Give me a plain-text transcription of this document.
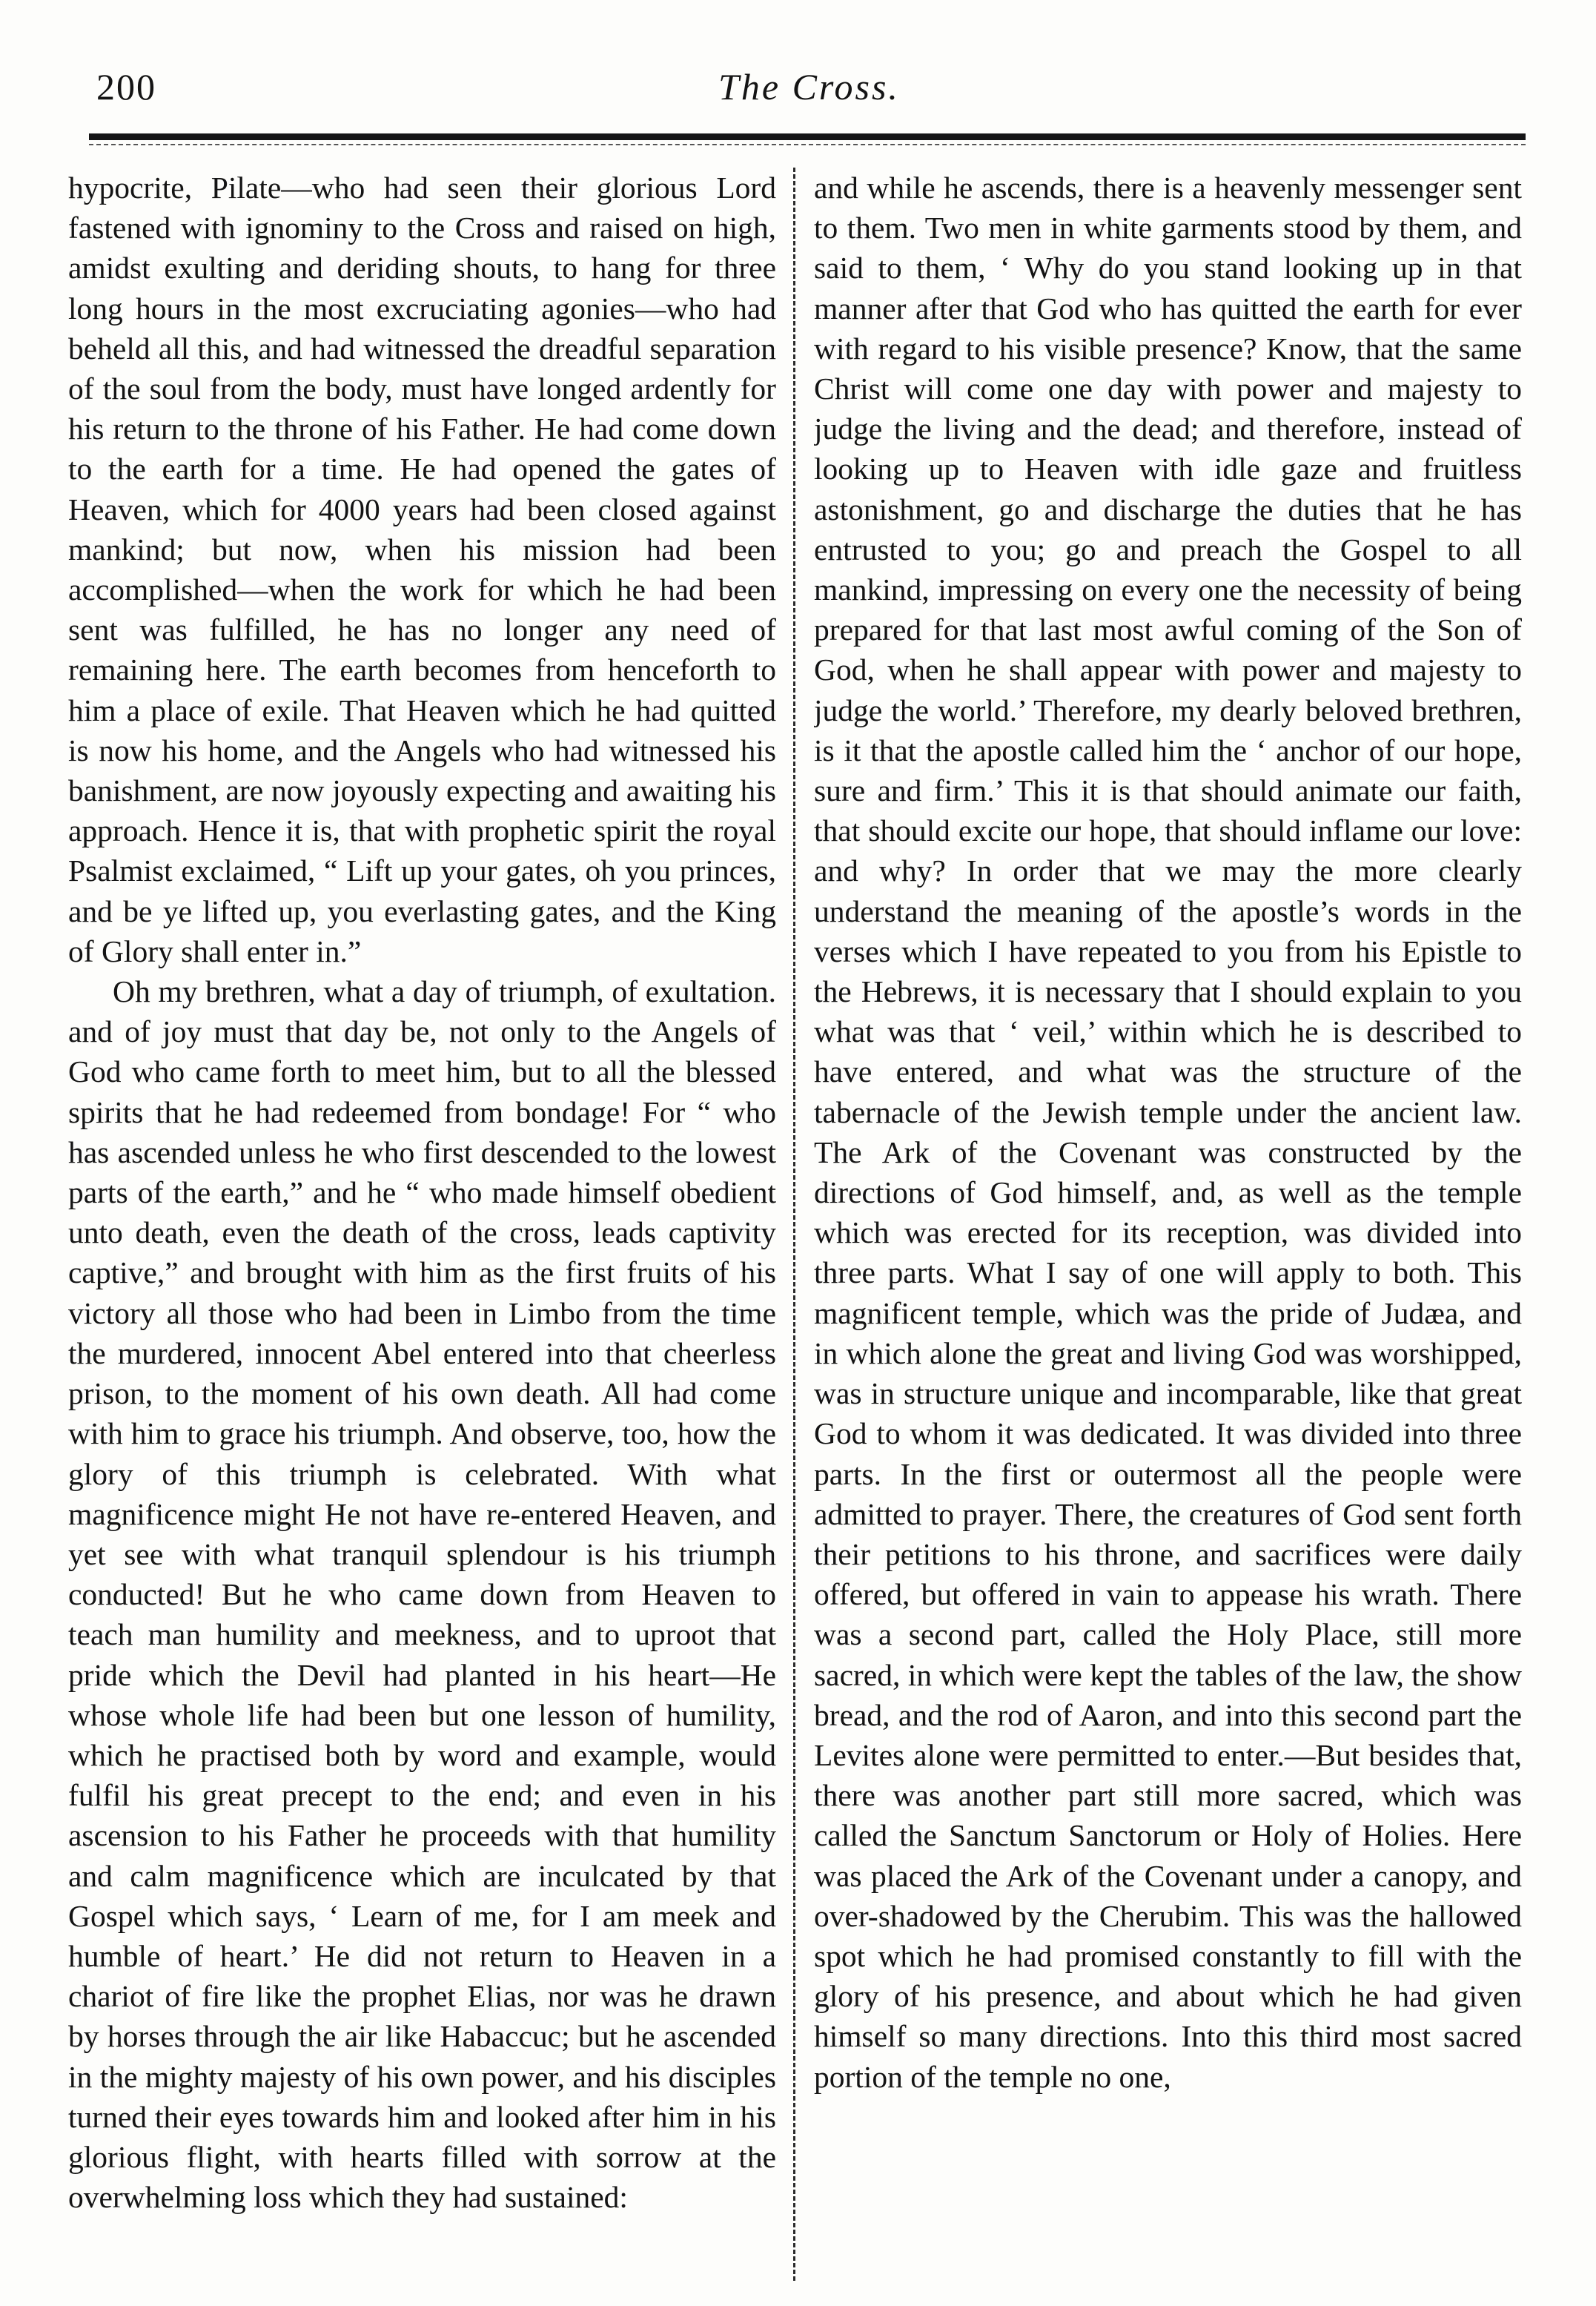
200	The Cross.

hypocrite, Pilate—who had seen their glorious Lord fastened with ignominy to the Cross and raised on high, amidst exulting and deriding shouts, to hang for three long hours in the most excruciating agonies—who had beheld all this, and had witnessed the dreadful separation of the soul from the body, must have longed ardently for his return to the throne of his Father. He had come down to the earth for a time. He had opened the gates of Heaven, which for 4000 years had been closed against mankind; but now, when his mission had been accomplished—when the work for which he had been sent was fulfilled, he has no longer any need of remaining here. The earth becomes from henceforth to him a place of exile. That Heaven which he had quitted is now his home, and the Angels who had witnessed his banishment, are now joyously expecting and awaiting his approach. Hence it is, that with prophetic spirit the royal Psalmist exclaimed, “ Lift up your gates, oh you princes, and be ye lifted up, you everlasting gates, and the King of Glory shall enter in.”

Oh my brethren, what a day of triumph, of exultation. and of joy must that day be, not only to the Angels of God who came forth to meet him, but to all the blessed spirits that he had redeemed from bondage! For “ who has ascended unless he who first descended to the lowest parts of the earth,” and he “ who made himself obedient unto death, even the death of the cross, leads captivity captive,” and brought with him as the first fruits of his victory all those who had been in Limbo from the time the murdered, innocent Abel entered into that cheerless prison, to the moment of his own death. All had come with him to grace his triumph. And observe, too, how the glory of this triumph is celebrated. With what magnificence might He not have re-entered Heaven, and yet see with what tranquil splendour is his triumph conducted! But he who came down from Heaven to teach man humility and meekness, and to uproot that pride which the Devil had planted in his heart—He whose whole life had been but one lesson of humility, which he practised both by word and example, would fulfil his great precept to the end; and even in his ascension to his Father he proceeds with that humility and calm magnificence which are inculcated by that Gospel which says, ‘ Learn of me, for I am meek and humble of heart.’ He did not return to Heaven in a chariot of fire like the prophet Elias, nor was he drawn by horses through the air like Habaccuc; but he ascended in the mighty majesty of his own power, and his disciples turned their eyes towards him and looked after him in his glorious flight, with hearts filled with sorrow at the overwhelming loss which they had sustained:

and while he ascends, there is a heavenly messenger sent to them. Two men in white garments stood by them, and said to them, ‘ Why do you stand looking up in that manner after that God who has quitted the earth for ever with regard to his visible presence? Know, that the same Christ will come one day with power and majesty to judge the living and the dead; and therefore, instead of looking up to Heaven with idle gaze and fruitless astonishment, go and discharge the duties that he has entrusted to you; go and preach the Gospel to all mankind, impressing on every one the necessity of being prepared for that last most awful coming of the Son of God, when he shall appear with power and majesty to judge the world.’ Therefore, my dearly beloved brethren, is it that the apostle called him the ‘ anchor of our hope, sure and firm.’ This it is that should animate our faith, that should excite our hope, that should inflame our love: and why? In order that we may the more clearly understand the meaning of the apostle’s words in the verses which I have repeated to you from his Epistle to the Hebrews, it is necessary that I should explain to you what was that ‘ veil,’ within which he is described to have entered, and what was the structure of the tabernacle of the Jewish temple under the ancient law. The Ark of the Covenant was constructed by the directions of God himself, and, as well as the temple which was erected for its reception, was divided into three parts. What I say of one will apply to both. This magnificent temple, which was the pride of Judæa, and in which alone the great and living God was worshipped, was in structure unique and incomparable, like that great God to whom it was dedicated. It was divided into three parts. In the first or outermost all the people were admitted to prayer. There, the creatures of God sent forth their petitions to his throne, and sacrifices were daily offered, but offered in vain to appease his wrath. There was a second part, called the Holy Place, still more sacred, in which were kept the tables of the law, the show bread, and the rod of Aaron, and into this second part the Levites alone were permitted to enter.—But besides that, there was another part still more sacred, which was called the Sanctum Sanctorum or Holy of Holies. Here was placed the Ark of the Covenant under a canopy, and over-shadowed by the Cherubim. This was the hallowed spot which he had promised constantly to fill with the glory of his presence, and about which he had given himself so many directions. Into this third most sacred portion of the temple no one,
